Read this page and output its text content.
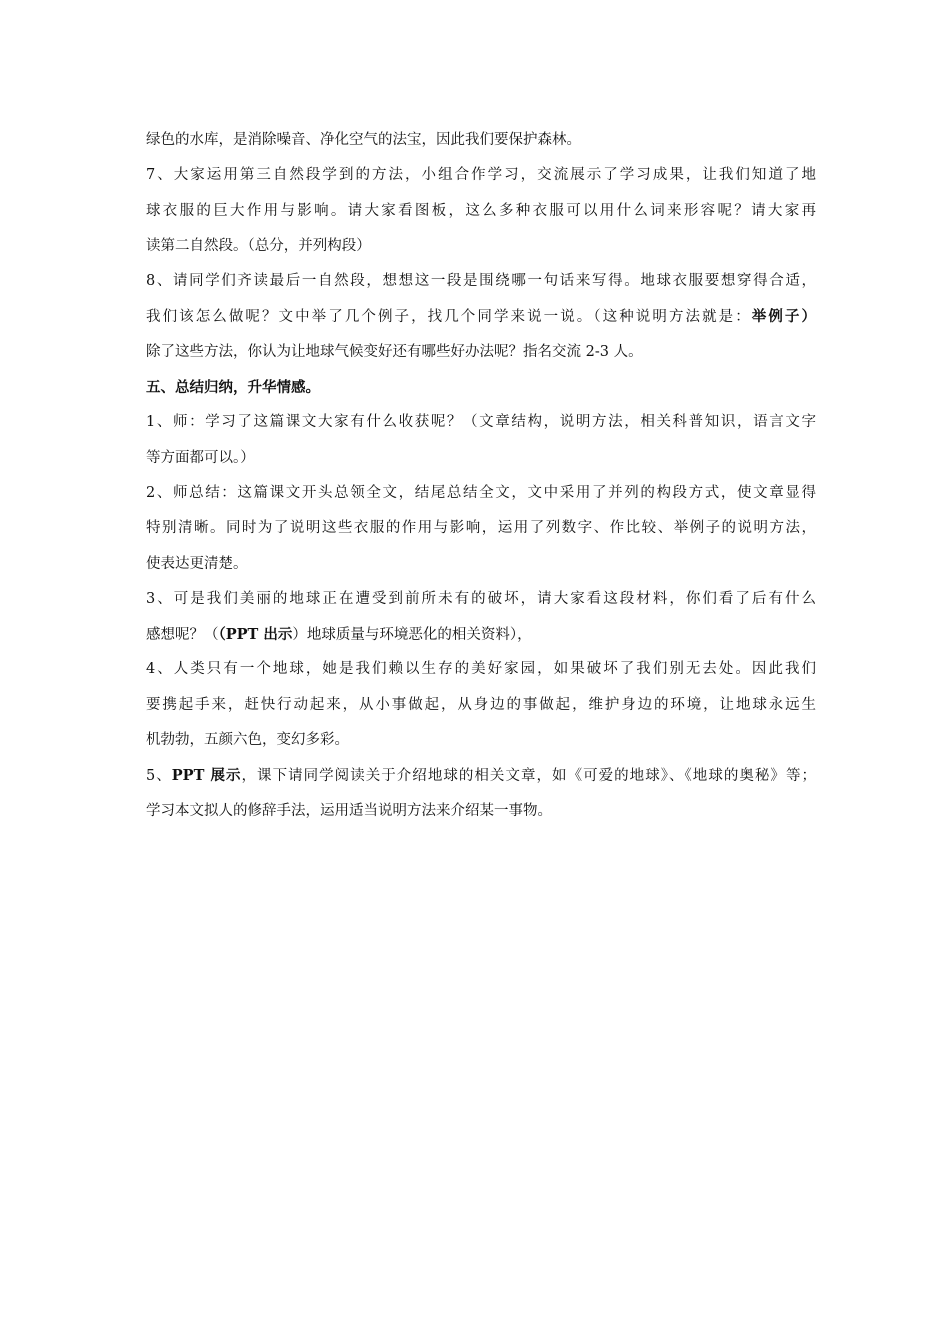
绿色的水库，是消除噪音、净化空气的法宝，因此我们要保护森林。
7、大家运用第三自然段学到的方法，小组合作学习，交流展示了学习成果，让我们知道了地
球衣服的巨大作用与影响。请大家看图板，这么多种衣服可以用什么词来形容呢？请大家再
读第二自然段。（总分，并列构段）
8、请同学们齐读最后一自然段，想想这一段是围绕哪一句话来写得。地球衣服要想穿得合适，
我们该怎么做呢？文中举了几个例子，找几个同学来说一说。（这种说明方法就是：举例子）
除了这些方法，你认为让地球气候变好还有哪些好办法呢？指名交流 2-3 人。
五、总结归纳，升华情感。
1、师：学习了这篇课文大家有什么收获呢？（文章结构，说明方法，相关科普知识，语言文字
等方面都可以。）
2、师总结：这篇课文开头总领全文，结尾总结全文，文中采用了并列的构段方式，使文章显得
特别清晰。同时为了说明这些衣服的作用与影响，运用了列数字、作比较、举例子的说明方法，
使表达更清楚。
3、可是我们美丽的地球正在遭受到前所未有的破坏，请大家看这段材料，你们看了后有什么
感想呢？（（PPT 出示）地球质量与环境恶化的相关资料），
4、人类只有一个地球，她是我们赖以生存的美好家园，如果破坏了我们别无去处。因此我们
要携起手来，赶快行动起来，从小事做起，从身边的事做起，维护身边的环境，让地球永远生
机勃勃，五颜六色，变幻多彩。
5、PPT 展示，课下请同学阅读关于介绍地球的相关文章，如《可爱的地球》、《地球的奥秘》等；
学习本文拟人的修辞手法，运用适当说明方法来介绍某一事物。
